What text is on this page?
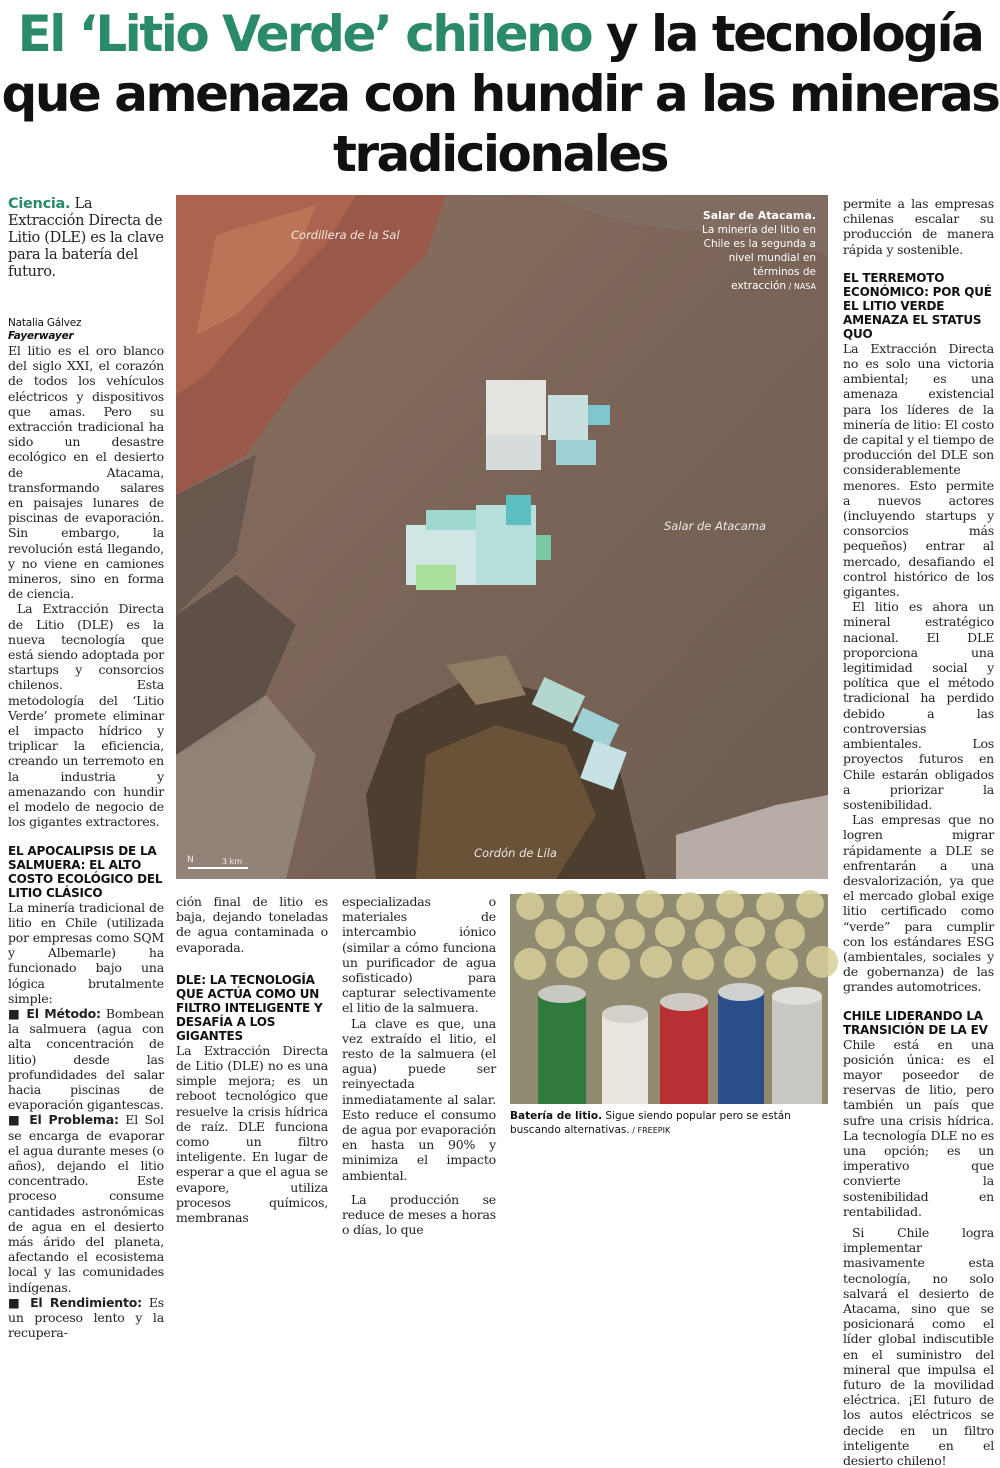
El ‘Litio Verde’ chileno y la tecnología que amenaza con hundir a las mineras tradicionales
Ciencia. La Extracción Directa de Litio (DLE) es la clave para la batería del futuro.
Natalia Gálvez
Fayerwayer

El litio es el oro blanco del siglo XXI, el corazón de todos los vehículos eléctricos y dispositivos que amas. Pero su extracción tradicional ha sido un desastre ecológico en el desierto de Atacama, transformando salares en paisajes lunares de piscinas de evaporación. Sin embargo, la revolución está llegando, y no viene en camiones mineros, sino en forma de ciencia.

La Extracción Directa de Litio (DLE) es la nueva tecnología que está siendo adoptada por startups y consorcios chilenos. Esta metodología del ‘Litio Verde’ promete eliminar el impacto hídrico y triplicar la eficiencia, creando un terremoto en la industria y amenazando con hundir el modelo de negocio de los gigantes extractores.

EL APOCALIPSIS DE LA SALMUERA: EL ALTO COSTO ECOLÓGICO DEL LITIO CLÁSICO

La minería tradicional de litio en Chile (utilizada por empresas como SQM y Albemarle) ha funcionado bajo una lógica brutalmente simple:

■ El Método: Bombean la salmuera (agua con alta concentración de litio) desde las profundidades del salar hacia piscinas de evaporación gigantescas.

■ El Problema: El Sol se encarga de evaporar el agua durante meses (o años), dejando el litio concentrado. Este proceso consume cantidades astronómicas de agua en el desierto más árido del planeta, afectando el ecosistema local y las comunidades indígenas.

■ El Rendimiento: Es un proceso lento y la recupera-

Salar de Atacama. La minería del litio en Chile es la segunda a nivel mundial en términos de extracción / NASA
Cordillera de la Sal
Salar de Atacama
Cordón de Lila
3 km
N

ción final de litio es baja, dejando toneladas de agua contaminada o evaporada.

DLE: LA TECNOLOGÍA QUE ACTÚA COMO UN FILTRO INTELIGENTE Y DESAFÍA A LOS GIGANTES

La Extracción Directa de Litio (DLE) no es una simple mejora; es un reboot tecnológico que resuelve la crisis hídrica de raíz. DLE funciona como un filtro inteligente. En lugar de esperar a que el agua se evapore, utiliza procesos químicos, membranas

especializadas o materiales de intercambio iónico (similar a cómo funciona un purificador de agua sofisticado) para capturar selectivamente el litio de la salmuera.

La clave es que, una vez extraído el litio, el resto de la salmuera (el agua) puede ser reinyectada inmediatamente al salar. Esto reduce el consumo de agua por evaporación en hasta un 90% y minimiza el impacto ambiental.

La producción se reduce de meses a horas o días, lo que

Batería de litio. Sigue siendo popular pero se están buscando alternativas. / FREEPIK

permite a las empresas chilenas escalar su producción de manera rápida y sostenible.

EL TERREMOTO ECONÓMICO: POR QUÉ EL LITIO VERDE AMENAZA EL STATUS QUO

La Extracción Directa no es solo una victoria ambiental; es una amenaza existencial para los líderes de la minería de litio: El costo de capital y el tiempo de producción del DLE son considerablemente menores. Esto permite a nuevos actores (incluyendo startups y consorcios más pequeños) entrar al mercado, desafiando el control histórico de los gigantes.

El litio es ahora un mineral estratégico nacional. El DLE proporciona una legitimidad social y política que el método tradicional ha perdido debido a las controversias ambientales. Los proyectos futuros en Chile estarán obligados a priorizar la sostenibilidad.

Las empresas que no logren migrar rápidamente a DLE se enfrentarán a una desvalorización, ya que el mercado global exige litio certificado como “verde” para cumplir con los estándares ESG (ambientales, sociales y de gobernanza) de las grandes automotrices.

CHILE LIDERANDO LA TRANSICIÓN DE LA EV

Chile está en una posición única: es el mayor poseedor de reservas de litio, pero también un país que sufre una crisis hídrica. La tecnología DLE no es una opción; es un imperativo que convierte la sostenibilidad en rentabilidad.

Si Chile logra implementar masivamente esta tecnología, no solo salvará el desierto de Atacama, sino que se posicionará como el líder global indiscutible en el suministro del mineral que impulsa el futuro de la movilidad eléctrica. ¡El futuro de los autos eléctricos se decide en un filtro inteligente en el desierto chileno!
